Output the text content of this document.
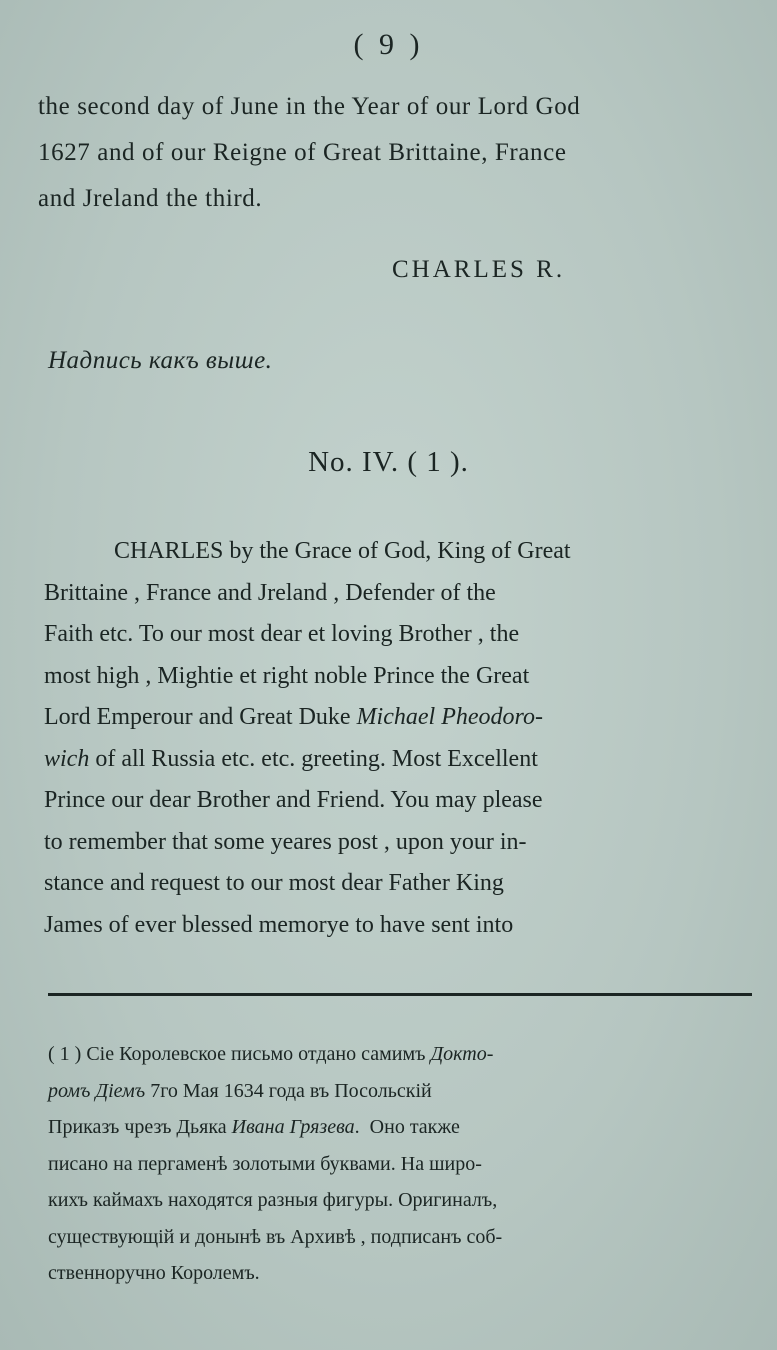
( 9 )
the second day of June in the Year of our Lord God
1627 and of our Reigne of Great Brittaine, France
and Jreland the third.
CHARLES R.
Надпись какъ выше.
No. IV. ( 1 ).
CHARLES by the Grace of God, King of Great
Brittaine , France and Jreland , Defender of the
Faith etc. To our most dear et loving Brother , the
most high , Mightie et right noble Prince the Great
Lord Emperour and Great Duke Michael Pheodoro-
wich of all Russia etc. etc. greeting. Most Excellent
Prince our dear Brother and Friend. You may please
to remember that some yeares post , upon your in-
stance and request to our most dear Father King
James of ever blessed memorye to have sent into
( 1 ) Сіе Королевское письмо отдано самимъ Докто-
ромъ Діемъ 7го Мая 1634 года въ Посольскій
Приказъ чрезъ Дьяка Ивана Грязева.  Оно также
писано на пергаменѣ золотыми буквами. На широ-
кихъ каймахъ находятся разныя фигуры. Оригиналъ,
существующій и донынѣ въ Архивѣ , подписанъ соб-
ственноручно Королемъ.
